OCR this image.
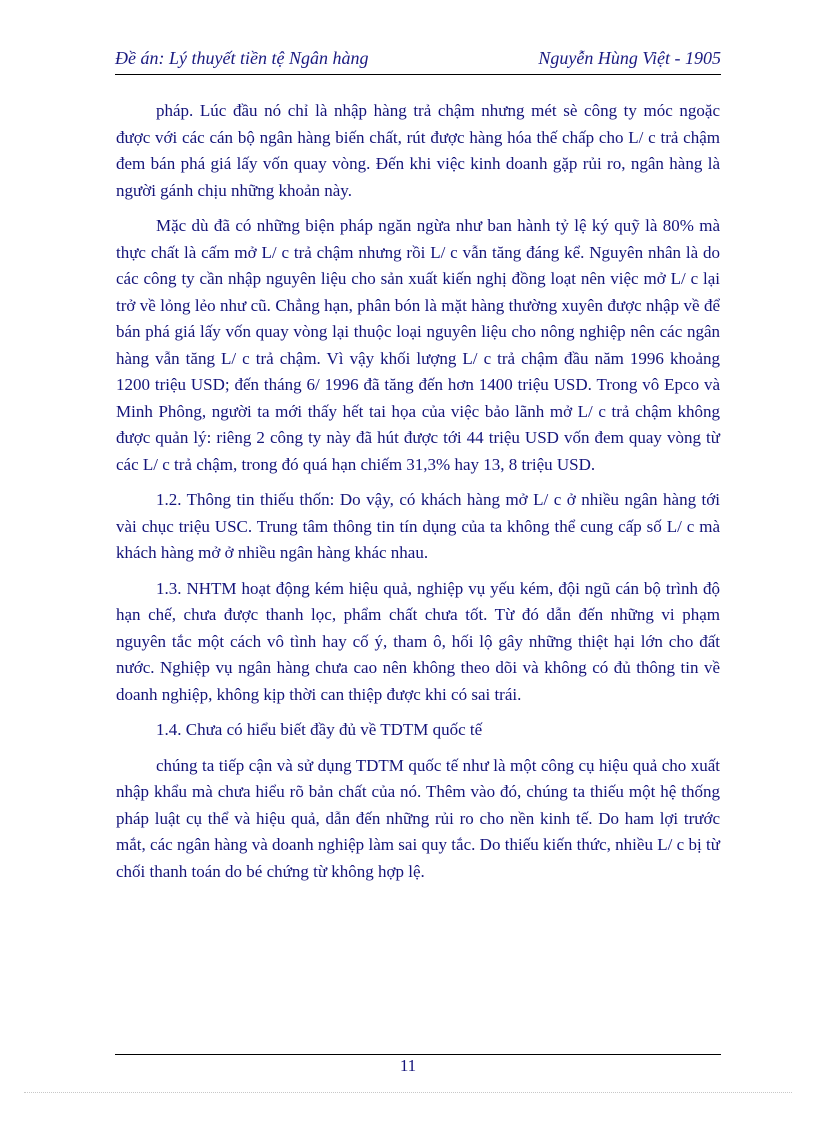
Đề án: Lý thuyết tiền tệ Ngân hàng	Nguyễn Hùng Việt - 1905

pháp. Lúc đầu nó chỉ là nhập hàng trả chậm nhưng mét sè công ty móc ngoặc được với các cán bộ ngân hàng biến chất, rút được hàng hóa thế chấp cho L/ c trả chậm đem bán phá giá lấy vốn quay vòng. Đến khi việc kinh doanh gặp rủi ro, ngân hàng là người gánh chịu những khoản này.

Mặc dù đã có những biện pháp ngăn ngừa như ban hành tỷ lệ ký quỹ là 80% mà thực chất là cấm mở L/ c trả chậm nhưng rồi L/ c vẫn tăng đáng kể. Nguyên nhân là do các công ty cần nhập nguyên liệu cho sản xuất kiến nghị đồng loạt nên việc mở L/ c lại trở về lỏng lẻo như cũ. Chẳng hạn, phân bón là mặt hàng thường xuyên được nhập về để bán phá giá lấy vốn quay vòng lại thuộc loại nguyên liệu cho nông nghiệp nên các ngân hàng vẫn tăng L/ c trả chậm. Vì vậy khối lượng L/ c trả chậm đầu năm 1996 khoảng 1200 triệu USD; đến tháng 6/ 1996 đã tăng đến hơn 1400 triệu USD. Trong vô Epco và Minh Phông, người ta mới thấy hết tai họa của việc bảo lãnh mở L/ c trả chậm không được quản lý: riêng 2 công ty này đã hút được tới 44 triệu USD vốn đem quay vòng từ các L/ c trả chậm, trong đó quá hạn chiếm 31,3% hay 13, 8 triệu USD.

1.2. Thông tin thiếu thốn: Do vậy, có khách hàng mở L/ c ở nhiều ngân hàng tới vài chục triệu USC. Trung tâm thông tin tín dụng của ta không thể cung cấp số L/ c mà khách hàng mở ở nhiều ngân hàng khác nhau.

1.3. NHTM hoạt động kém hiệu quả, nghiệp vụ yếu kém, đội ngũ cán bộ trình độ hạn chế, chưa được thanh lọc, phẩm chất chưa tốt. Từ đó dẫn đến những vi phạm nguyên tắc một cách vô tình hay cố ý, tham ô, hối lộ gây những thiệt hại lớn cho đất nước. Nghiệp vụ ngân hàng chưa cao nên không theo dõi và không có đủ thông tin về doanh nghiệp, không kịp thời can thiệp được khi có sai trái.

1.4. Chưa có hiểu biết đầy đủ về TDTM quốc tế

chúng ta tiếp cận và sử dụng TDTM quốc tế như là một công cụ hiệu quả cho xuất nhập khẩu mà chưa hiểu rõ bản chất của nó. Thêm vào đó, chúng ta thiếu một hệ thống pháp luật cụ thể và hiệu quả, dẫn đến những rủi ro cho nền kinh tế. Do ham lợi trước mắt, các ngân hàng và doanh nghiệp làm sai quy tắc. Do thiếu kiến thức, nhiều L/ c bị từ chối thanh toán do bé chứng từ không hợp lệ.

11
